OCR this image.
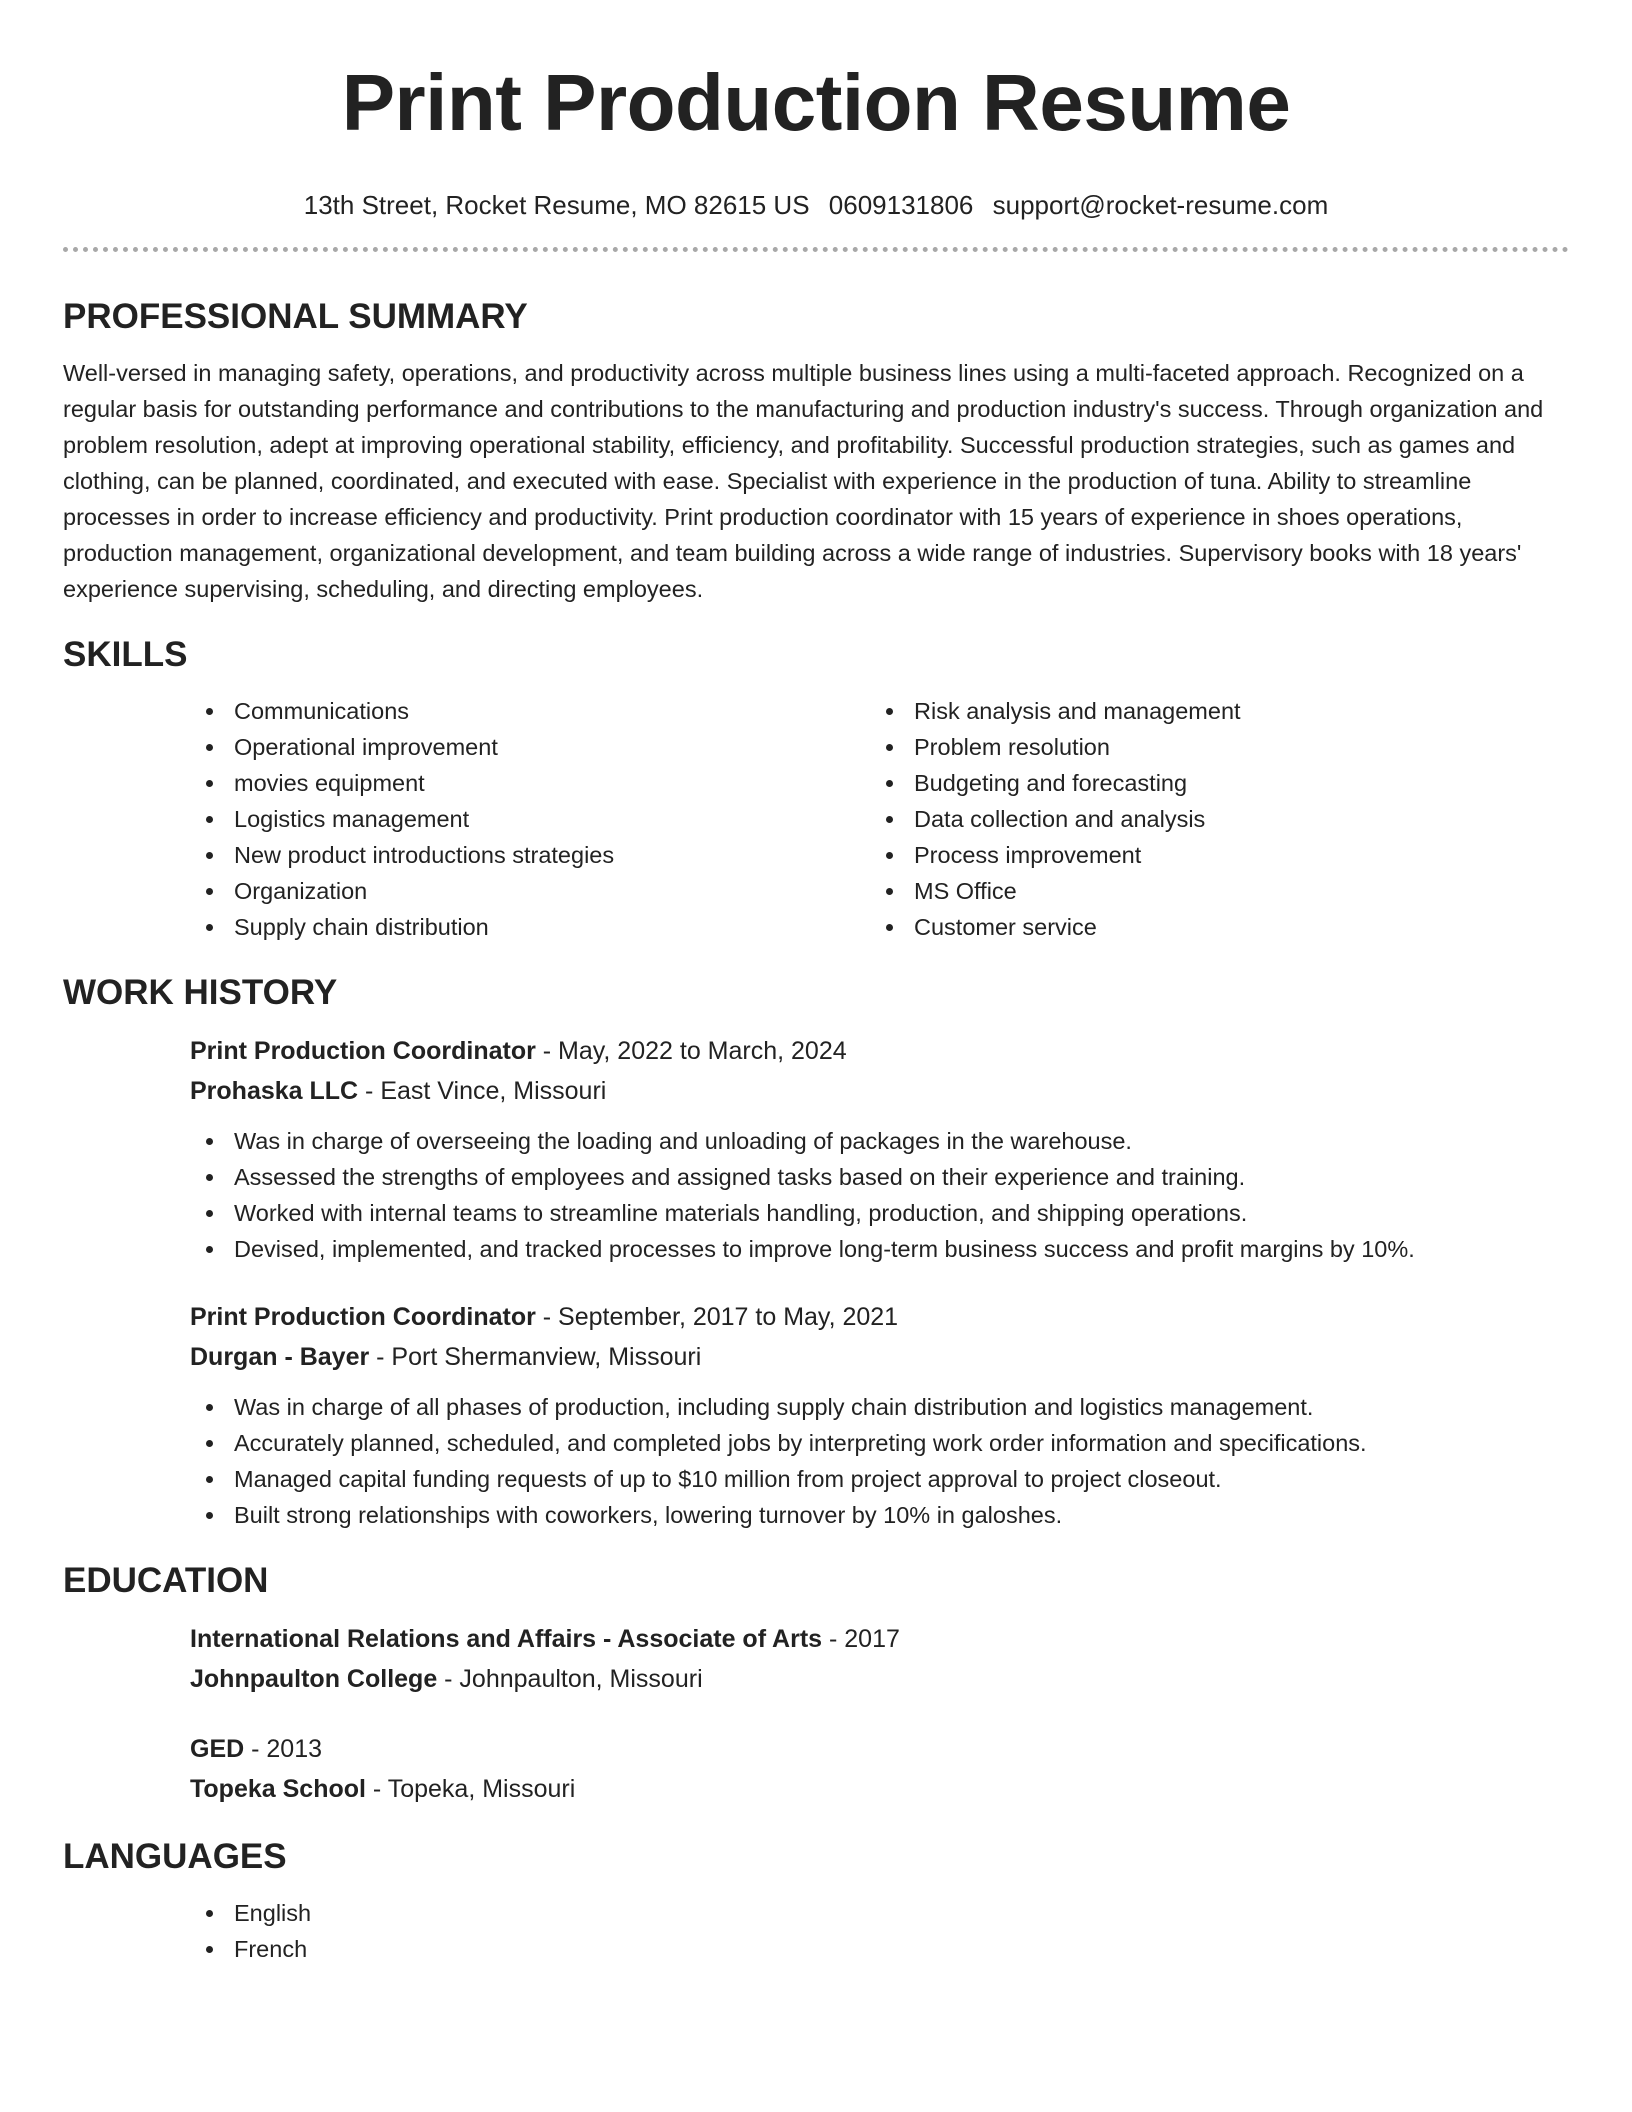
Print Production Resume
13th Street, Rocket Resume, MO 82615 US 0609131806 support@rocket-resume.com
PROFESSIONAL SUMMARY

Well-versed in managing safety, operations, and productivity across multiple business lines using a multi-faceted approach. Recognized on a regular basis for outstanding performance and contributions to the manufacturing and production industry's success. Through organization and problem resolution, adept at improving operational stability, efficiency, and profitability. Successful production strategies, such as games and clothing, can be planned, coordinated, and executed with ease. Specialist with experience in the production of tuna. Ability to streamline processes in order to increase efficiency and productivity. Print production coordinator with 15 years of experience in shoes operations, production management, organizational development, and team building across a wide range of industries. Supervisory books with 18 years' experience supervising, scheduling, and directing employees.

SKILLS
Communications
Operational improvement
movies equipment
Logistics management
New product introductions strategies
Organization
Supply chain distribution
Risk analysis and management
Problem resolution
Budgeting and forecasting
Data collection and analysis
Process improvement
MS Office
Customer service
WORK HISTORY
Print Production Coordinator - May, 2022 to March, 2024
Prohaska LLC - East Vince, Missouri
Was in charge of overseeing the loading and unloading of packages in the warehouse.
Assessed the strengths of employees and assigned tasks based on their experience and training.
Worked with internal teams to streamline materials handling, production, and shipping operations.
Devised, implemented, and tracked processes to improve long-term business success and profit margins by 10%.
Print Production Coordinator - September, 2017 to May, 2021
Durgan - Bayer - Port Shermanview, Missouri
Was in charge of all phases of production, including supply chain distribution and logistics management.
Accurately planned, scheduled, and completed jobs by interpreting work order information and specifications.
Managed capital funding requests of up to $10 million from project approval to project closeout.
Built strong relationships with coworkers, lowering turnover by 10% in galoshes.
EDUCATION
International Relations and Affairs - Associate of Arts - 2017
Johnpaulton College - Johnpaulton, Missouri
GED - 2013
Topeka School - Topeka, Missouri
LANGUAGES
English
French
